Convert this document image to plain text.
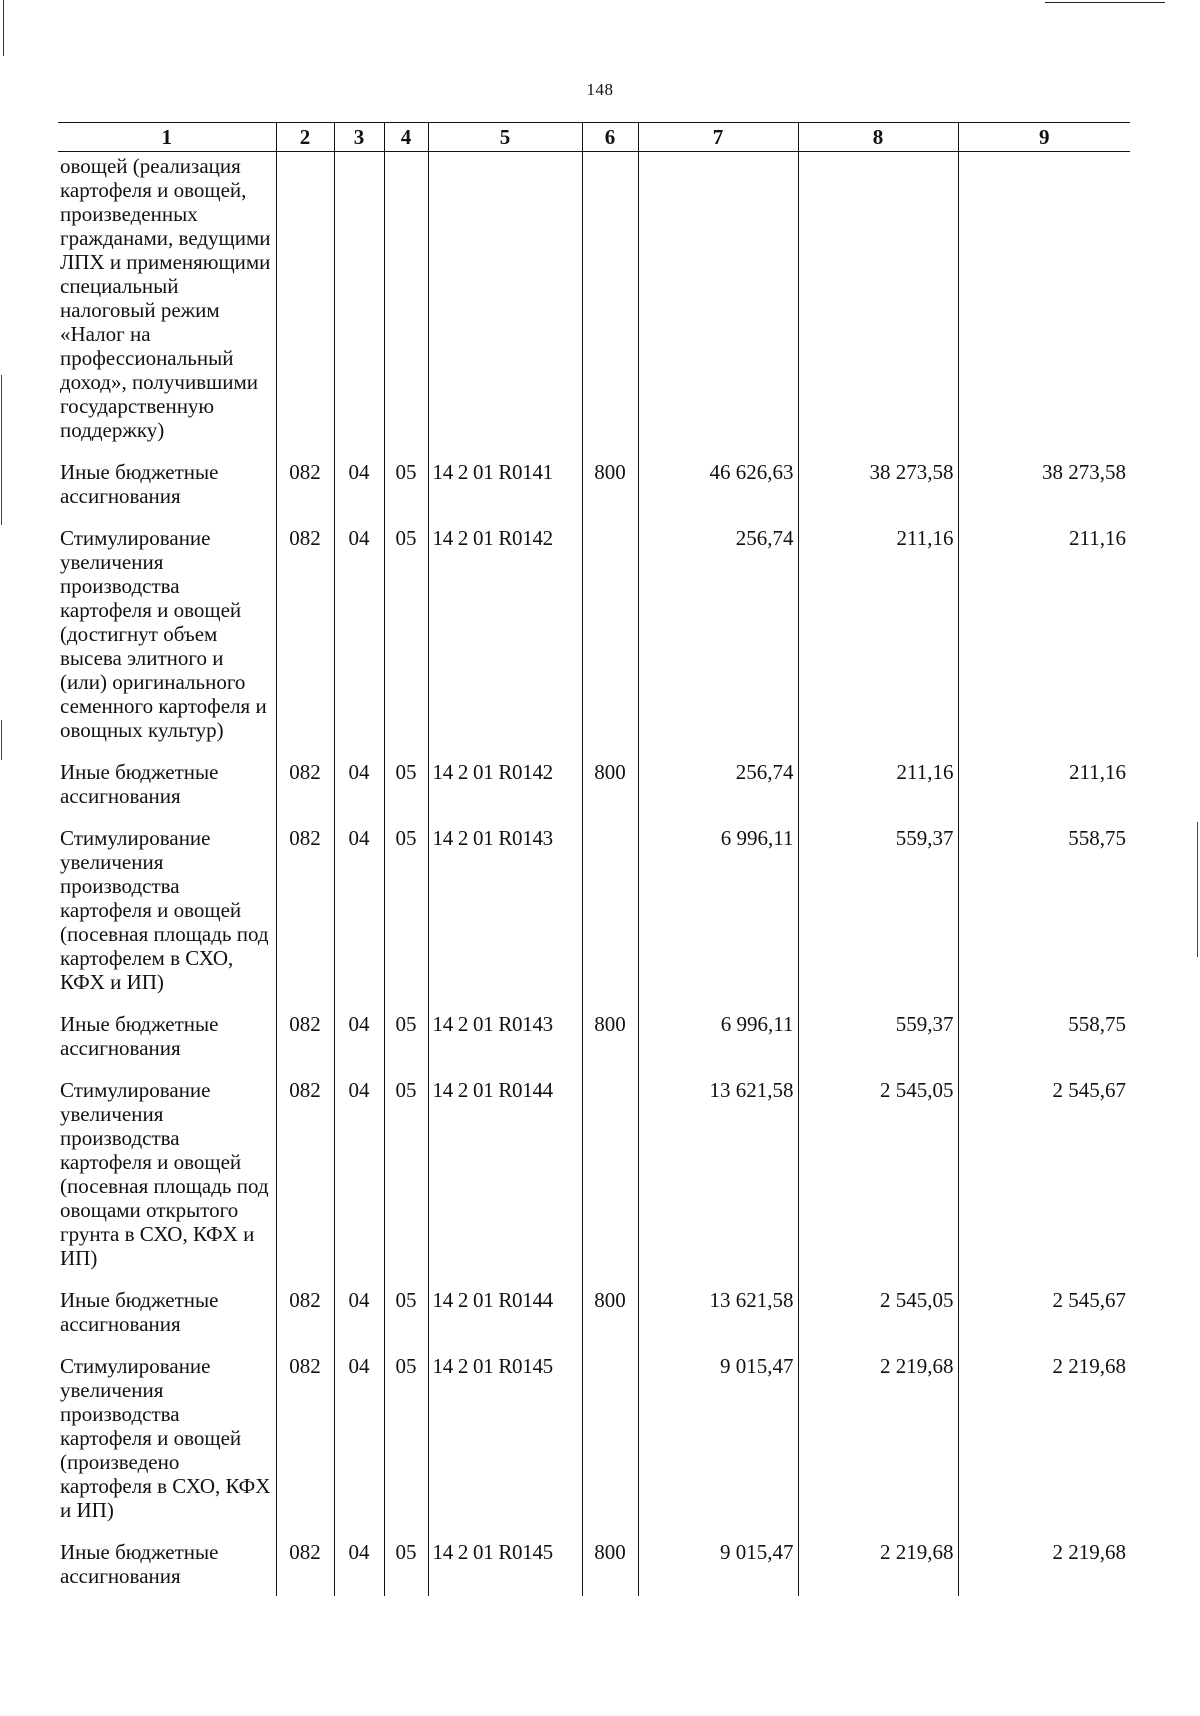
148
1	2	3	4	5	6	7	8	9
овощей (реализация картофеля и овощей, произведенных гражданами, ведущими ЛПХ и применяющими специальный налоговый режим «Налог на профессиональный доход», получившими государственную поддержку)								
Иные бюджетные ассигнования	082	04	05	14 2 01 R0141	800	46 626,63	38 273,58	38 273,58
Стимулирование увеличения производства картофеля и овощей (достигнут объем высева элитного и (или) оригинального семенного картофеля и овощных культур)	082	04	05	14 2 01 R0142		256,74	211,16	211,16
Иные бюджетные ассигнования	082	04	05	14 2 01 R0142	800	256,74	211,16	211,16
Стимулирование увеличения производства картофеля и овощей (посевная площадь под картофелем в СХО, КФХ и ИП)	082	04	05	14 2 01 R0143		6 996,11	559,37	558,75
Иные бюджетные ассигнования	082	04	05	14 2 01 R0143	800	6 996,11	559,37	558,75
Стимулирование увеличения производства картофеля и овощей (посевная площадь под овощами открытого грунта в СХО, КФХ и ИП)	082	04	05	14 2 01 R0144		13 621,58	2 545,05	2 545,67
Иные бюджетные ассигнования	082	04	05	14 2 01 R0144	800	13 621,58	2 545,05	2 545,67
Стимулирование увеличения производства картофеля и овощей (произведено картофеля в СХО, КФХ и ИП)	082	04	05	14 2 01 R0145		9 015,47	2 219,68	2 219,68
Иные бюджетные ассигнования	082	04	05	14 2 01 R0145	800	9 015,47	2 219,68	2 219,68
